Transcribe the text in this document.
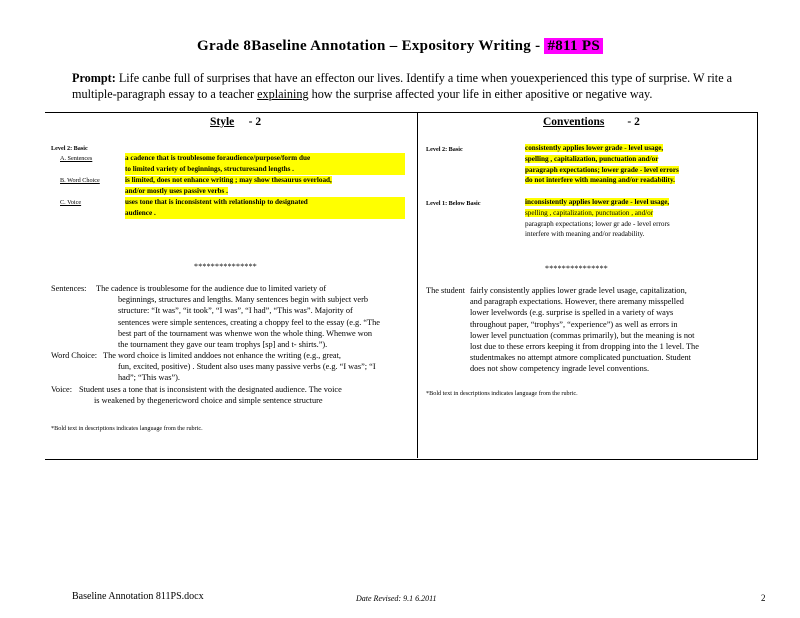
Grade 8Baseline Annotation – Expository Writing - #811 PS
Prompt: Life canbe full of surprises that have an effecton our lives. Identify a time when youexperienced this type of surprise. W rite a
multiple-paragraph essay to a teacher explaining how the surprise affected your life in either apositive or negative way.
Style - 2
Level 2: Basic
A. Sentences	a cadence that is troublesome foraudience/purpose/form due
to limited variety of beginnings, structuresand lengths .
B. Word Choice	is limited, does not enhance writing ; may show thesaurus overload,
and/or mostly uses passive verbs .
C. Voice	uses tone that is inconsistent with relationship to designated
audience .
***************
Sentences: The cadence is troublesome for the audience due to limited variety of
beginnings, structures and lengths. Many sentences begin with subject verb
structure: “It was”, “it took”, “I was”, “I had”, “This was”. Majority of
sentences were simple sentences, creating a choppy feel to the essay (e.g. “The
best part of the tournament was whenwe won the whole thing. Whenwe won
the tournament they gave our team trophys [sp] and t- shirts.”).
Word Choice: The word choice is limited anddoes not enhance the writing (e.g., great,
fun, excited, positive) . Student also uses many passive verbs (e.g. “I was”; “I
had”; “This was”).
Voice: Student uses a tone that is inconsistent with the designated audience. The voice
is weakened by thegenericword choice and simple sentence structure
*Bold text in descriptions indicates language from the rubric.
Conventions - 2
Level 2: Basic	consistently applies lower grade - level usage,
spelling , capitalization, punctuation and/or
paragraph expectations; lower grade - level errors
do not interfere with meaning and/or readability.
Level 1: Below Basic	inconsistently applies lower grade - level usage,
spelling , capitalization, punctuation , and/or
paragraph expectations; lower gr ade - level errors
interfere with meaning and/or readability.
***************
The student fairly consistently applies lower grade level usage, capitalization,
and paragraph expectations. However, there aremany misspelled
lower levelwords (e.g. surprise is spelled in a variety of ways
throughout paper, “trophys”, “experience”) as well as errors in
lower level punctuation (commas primarily), but the meaning is not
lost due to these errors keeping it from dropping into the 1 level. The
studentmakes no attempt atmore complicated punctuation. Student
does not show competency ingrade level conventions.
*Bold text in descriptions indicates language from the rubric.
Baseline Annotation 811PS.docx	Date Revised: 9.1 6.2011	2
